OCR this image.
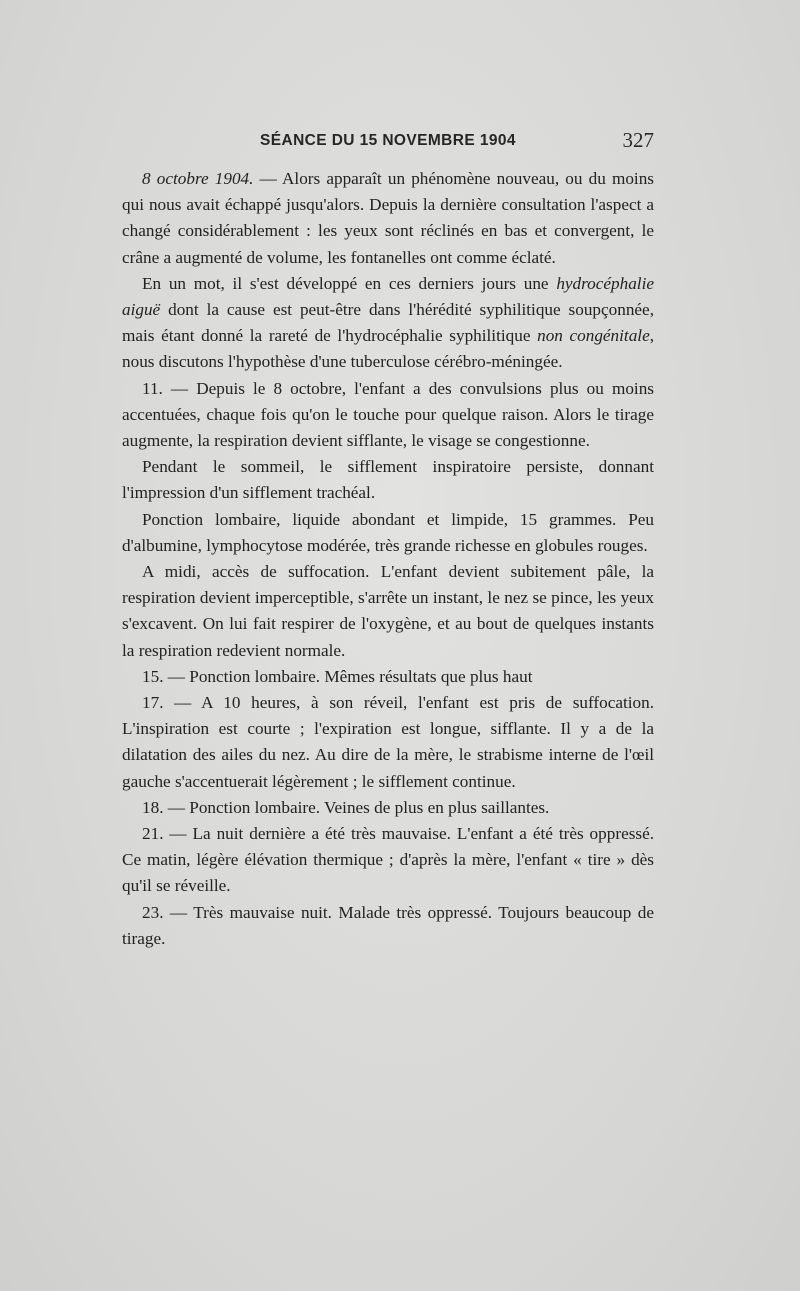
SÉANCE DU 15 NOVEMBRE 1904	327

8 octobre 1904. — Alors apparaît un phénomène nouveau, ou du moins qui nous avait échappé jusqu'alors. Depuis la dernière consultation l'aspect a changé considérablement : les yeux sont réclinés en bas et convergent, le crâne a augmenté de volume, les fontanelles ont comme éclaté.

En un mot, il s'est développé en ces derniers jours une hydrocéphalie aiguë dont la cause est peut-être dans l'hérédité syphilitique soupçonnée, mais étant donné la rareté de l'hydrocéphalie syphilitique non congénitale, nous discutons l'hypothèse d'une tuberculose cérébro-méningée.

11. — Depuis le 8 octobre, l'enfant a des convulsions plus ou moins accentuées, chaque fois qu'on le touche pour quelque raison. Alors le tirage augmente, la respiration devient sifflante, le visage se congestionne.

Pendant le sommeil, le sifflement inspiratoire persiste, donnant l'impression d'un sifflement trachéal.

Ponction lombaire, liquide abondant et limpide, 15 grammes. Peu d'albumine, lymphocytose modérée, très grande richesse en globules rouges.

A midi, accès de suffocation. L'enfant devient subitement pâle, la respiration devient imperceptible, s'arrête un instant, le nez se pince, les yeux s'excavent. On lui fait respirer de l'oxygène, et au bout de quelques instants la respiration redevient normale.

15. — Ponction lombaire. Mêmes résultats que plus haut

17. — A 10 heures, à son réveil, l'enfant est pris de suffocation. L'inspiration est courte ; l'expiration est longue, sifflante. Il y a de la dilatation des ailes du nez. Au dire de la mère, le strabisme interne de l'œil gauche s'accentuerait légèrement ; le sifflement continue.

18. — Ponction lombaire. Veines de plus en plus saillantes.

21. — La nuit dernière a été très mauvaise. L'enfant a été très oppressé. Ce matin, légère élévation thermique ; d'après la mère, l'enfant « tire » dès qu'il se réveille.

23. — Très mauvaise nuit. Malade très oppressé. Toujours beaucoup de tirage.
